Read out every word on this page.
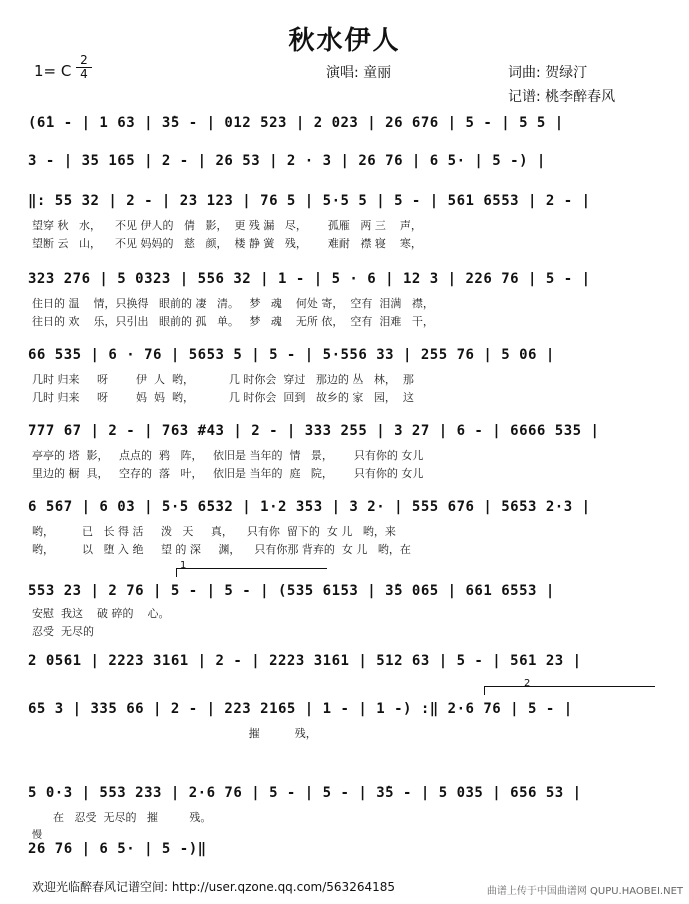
秋水伊人
1= C
2
4	演唱: 童丽	词曲: 贺绿汀
记谱: 桃李醉春风
(6̇1 - | 1 63 | 3̇5 - | 012 523 | 2 023 | 26 676 | 5 - | 5 5 |
3 - | 35 165 | 2 - | 26 53 | 2 · 3 | 26 76 | 6 5· | 5 -) |
‖: 55 32 | 2 - | 23 123 | 76 5 | 5·5 5 | 5 - | 561 6553 | 2 - |
望穿 秋   水，    不见 伊人的   倩   影，  更 残 漏   尽，      孤雁   两 三    声，
望断 云   山，    不见 妈妈的   慈   颜，  楼 静 黉   残，      难耐   襟 寝    寒，
323 276 | 5 0323 | 556 32 | 1 - | 5 · 6 | 12 3 | 226 76 | 5 - |
住日的 温    情，只换得   眼前的 凄   清。   梦   魂    何处 寄，  空有  泪满   襟，
往日的 欢    乐，只引出   眼前的 孤   单。   梦   魂    无所 依，  空有  泪难   干，
66 535 | 6 · 76 | 5653 5 | 5 - | 5·556 33 | 255 76 | 5 06 |
几时 归来     呀        伊  人  哟，          几 时你会  穿过   那边的 丛   林，  那
几时 归来     呀        妈  妈  哟，          几 时你会  回到   故乡的 家   园，  这
777 67 | 2 - | 763 #43 | 2 - | 333 255 | 3 27 | 6 - | 6666 535 |
亭亭的 塔  影，   点点的  鸦   阵，   依旧是 当年的  情   景，      只有你的 女儿
里边的 橱  具，   空存的  落   叶，   依旧是 当年的  庭   院，      只有你的 女儿
6 567 | 6 03 | 5·5 6532 | 1·2 353 | 3 2· | 555 676 | 5653 2·3 |
哟，        已   长 得 活     泼   天     真，    只有你  留下的  女 儿   哟，来
哟，        以   堕 入 绝     望 的 深     渊，    只有你那 背弃的  女 儿   哟，在
1
553 23 | 2 76 | 5 - | 5 - | (535 6153 | 3̇5 065 | 661 6553 |
安慰  我这    破 碎的    心。
忍受  无尽的
2 0561 | 2223 3161 | 2 - | 2223 3161 | 512 63 | 5 - | 561 23 |
2
65 3 | 335 66 | 2 - | 223 2165 | 1 - | 1 -) :‖ 2·6 76 | 5 - |
摧          残，
5 0·3 | 553 233 | 2·6 76 | 5 - | 5 - | 3̇5 - | 5 035 | 656 53 |
在   忍受  无尽的   摧         残。
慢
26 76 | 6 5· | 5 -)‖
欢迎光临醉春风记谱空间: http://user.qzone.qq.com/563264185	曲谱上传于中国曲谱网 QUPU.HAOBEI.NET
